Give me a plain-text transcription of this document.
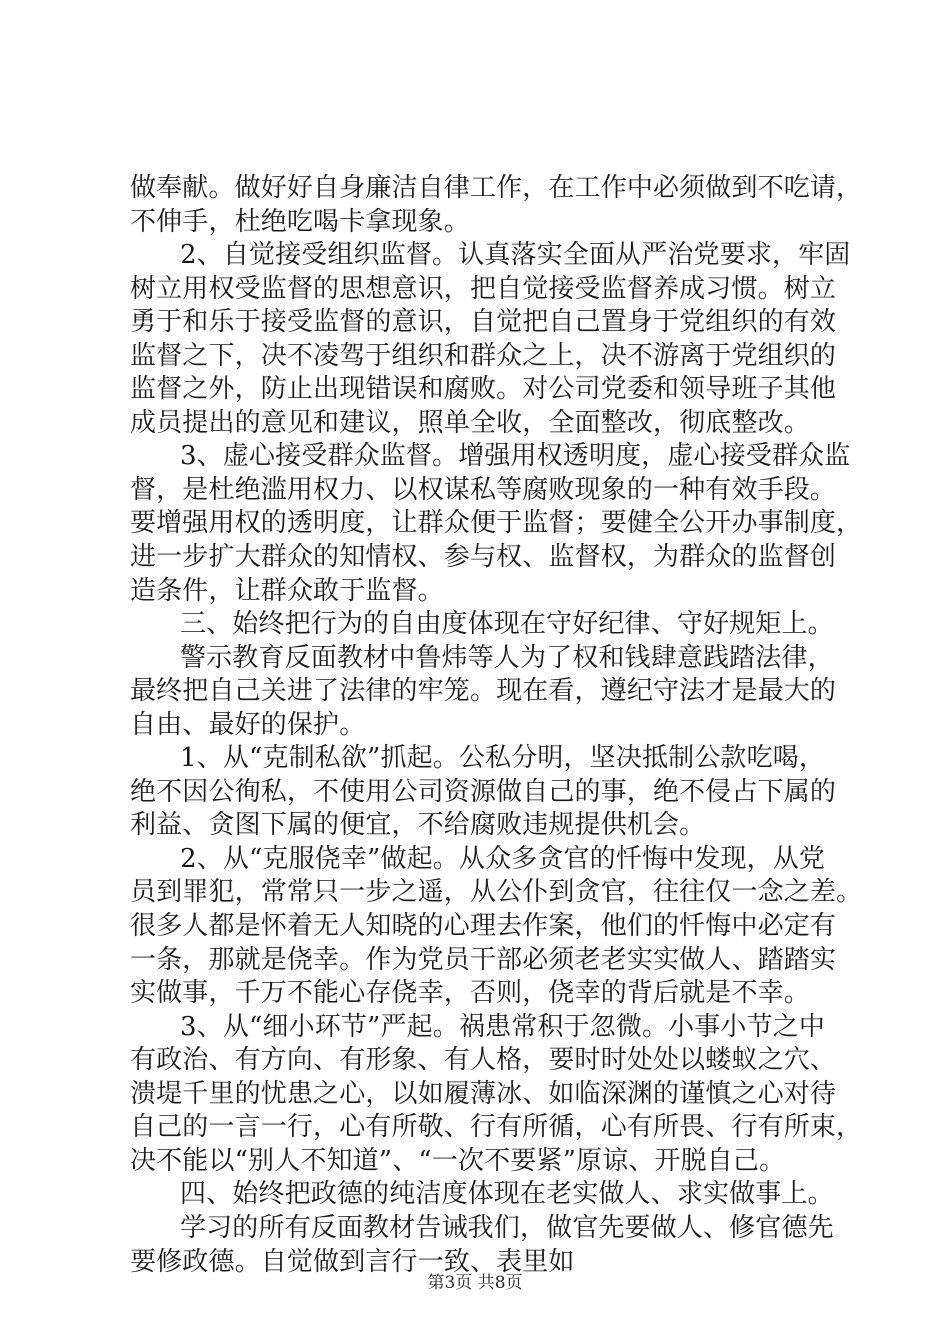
做奉献。做好好自身廉洁自律工作，在工作中必须做到不吃请，
不伸手，杜绝吃喝卡拿现象。
2、自觉接受组织监督。认真落实全面从严治党要求，牢固
树立用权受监督的思想意识，把自觉接受监督养成习惯。树立
勇于和乐于接受监督的意识，自觉把自己置身于党组织的有效
监督之下，决不凌驾于组织和群众之上，决不游离于党组织的
监督之外，防止出现错误和腐败。对公司党委和领导班子其他
成员提出的意见和建议，照单全收，全面整改，彻底整改。
3、虚心接受群众监督。增强用权透明度，虚心接受群众监
督，是杜绝滥用权力、以权谋私等腐败现象的一种有效手段。
要增强用权的透明度，让群众便于监督；要健全公开办事制度，
进一步扩大群众的知情权、参与权、监督权，为群众的监督创
造条件，让群众敢于监督。
三、始终把行为的自由度体现在守好纪律、守好规矩上。
警示教育反面教材中鲁炜等人为了权和钱肆意践踏法律，
最终把自己关进了法律的牢笼。现在看，遵纪守法才是最大的
自由、最好的保护。
1、从“克制私欲”抓起。公私分明，坚决抵制公款吃喝，
绝不因公徇私，不使用公司资源做自己的事，绝不侵占下属的
利益、贪图下属的便宜，不给腐败违规提供机会。
2、从“克服侥幸”做起。从众多贪官的忏悔中发现，从党
员到罪犯，常常只一步之遥，从公仆到贪官，往往仅一念之差。
很多人都是怀着无人知晓的心理去作案，他们的忏悔中必定有
一条，那就是侥幸。作为党员干部必须老老实实做人、踏踏实
实做事，千万不能心存侥幸，否则，侥幸的背后就是不幸。
3、从“细小环节”严起。祸患常积于忽微。小事小节之中
有政治、有方向、有形象、有人格，要时时处处以蝼蚁之穴、
溃堤千里的忧患之心，以如履薄冰、如临深渊的谨慎之心对待
自己的一言一行，心有所敬、行有所循，心有所畏、行有所束，
决不能以“别人不知道”、“一次不要紧”原谅、开脱自己。
四、始终把政德的纯洁度体现在老实做人、求实做事上。
学习的所有反面教材告诫我们，做官先要做人、修官德先
要修政德。自觉做到言行一致、表里如
第3页 共8页
